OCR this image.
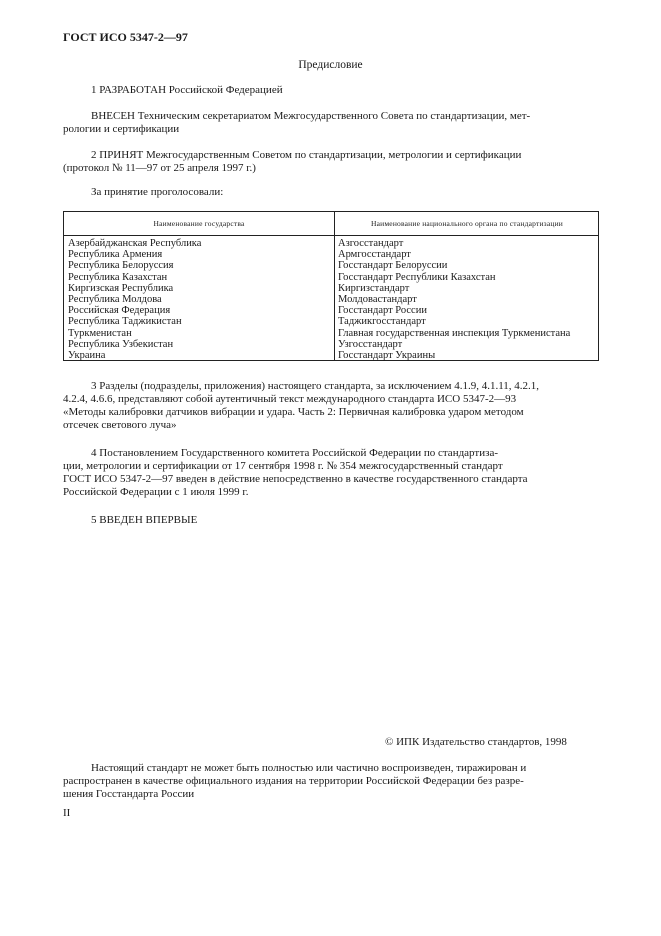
ГОСТ ИСО 5347-2—97
Предисловие
1 РАЗРАБОТАН Российской Федерацией
ВНЕСЕН Техническим секретариатом Межгосударственного Совета по стандартизации, мет-
рологии и сертификации
2 ПРИНЯТ Межгосударственным Советом по стандартизации, метрологии и сертификации
(протокол № 11—97 от 25 апреля 1997 г.)
За принятие проголосовали:
Наименование государства	Наименование национального органа по стандартизации
Азербайджанская Республика
Республика Армения
Республика Белоруссия
Республика Казахстан
Киргизская Республика
Республика Молдова
Российская Федерация
Республика Таджикистан
Туркменистан
Республика Узбекистан
Украина
Азгосстандарт
Армгосстандарт
Госстандарт Белоруссии
Госстандарт Республики Казахстан
Киргизстандарт
Молдовастандарт
Госстандарт России
Таджикгосстандарт
Главная государственная инспекция Туркменистана
Узгосстандарт
Госстандарт Украины
3 Разделы (подразделы, приложения) настоящего стандарта, за исключением 4.1.9, 4.1.11, 4.2.1,
4.2.4, 4.6.6, представляют собой аутентичный текст международного стандарта ИСО 5347-2—93
«Методы калибровки датчиков вибрации и удара. Часть 2: Первичная калибровка ударом методом
отсечек светового луча»
4 Постановлением Государственного комитета Российской Федерации по стандартиза-
ции, метрологии и сертификации от 17 сентября 1998 г. № 354 межгосударственный стандарт
ГОСТ ИСО 5347-2—97 введен в действие непосредственно в качестве государственного стандарта
Российской Федерации с 1 июля 1999 г.
5 ВВЕДЕН ВПЕРВЫЕ
© ИПК Издательство стандартов, 1998
Настоящий стандарт не может быть полностью или частично воспроизведен, тиражирован и
распространен в качестве официального издания на территории Российской Федерации без разре-
шения Госстандарта России
II
